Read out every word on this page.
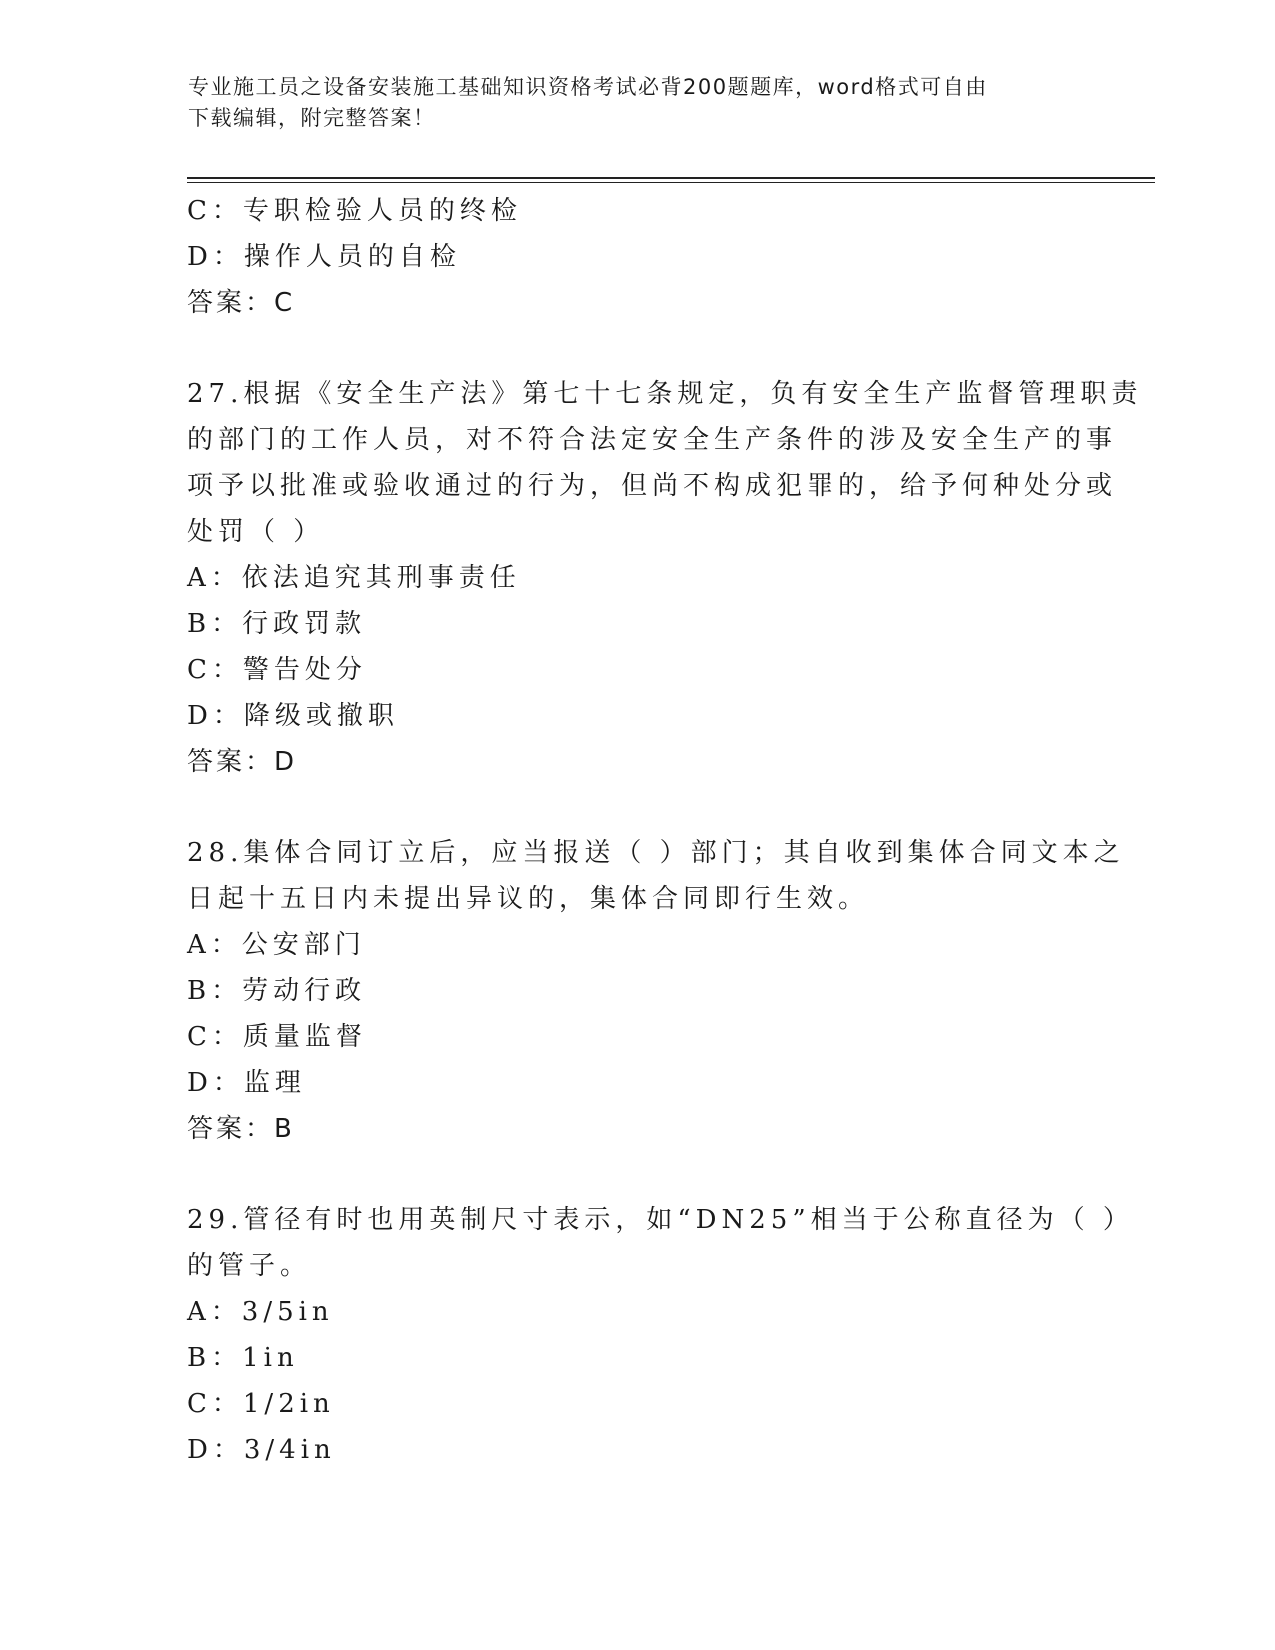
专业施工员之设备安装施工基础知识资格考试必背200题题库，word格式可自由
下载编辑，附完整答案！
C：专职检验人员的终检
D：操作人员的自检
答案：C
27.根据《安全生产法》第七十七条规定，负有安全生产监督管理职责
的部门的工作人员，对不符合法定安全生产条件的涉及安全生产的事
项予以批准或验收通过的行为，但尚不构成犯罪的，给予何种处分或
处罚（ ）
A：依法追究其刑事责任
B：行政罚款
C：警告处分
D：降级或撤职
答案：D
28.集体合同订立后，应当报送（ ）部门；其自收到集体合同文本之
日起十五日内未提出异议的，集体合同即行生效。
A：公安部门
B：劳动行政
C：质量监督
D：监理
答案：B
29.管径有时也用英制尺寸表示，如“DN25”相当于公称直径为（ ）
的管子。
A：3/5in
B：1in
C：1/2in
D：3/4in
